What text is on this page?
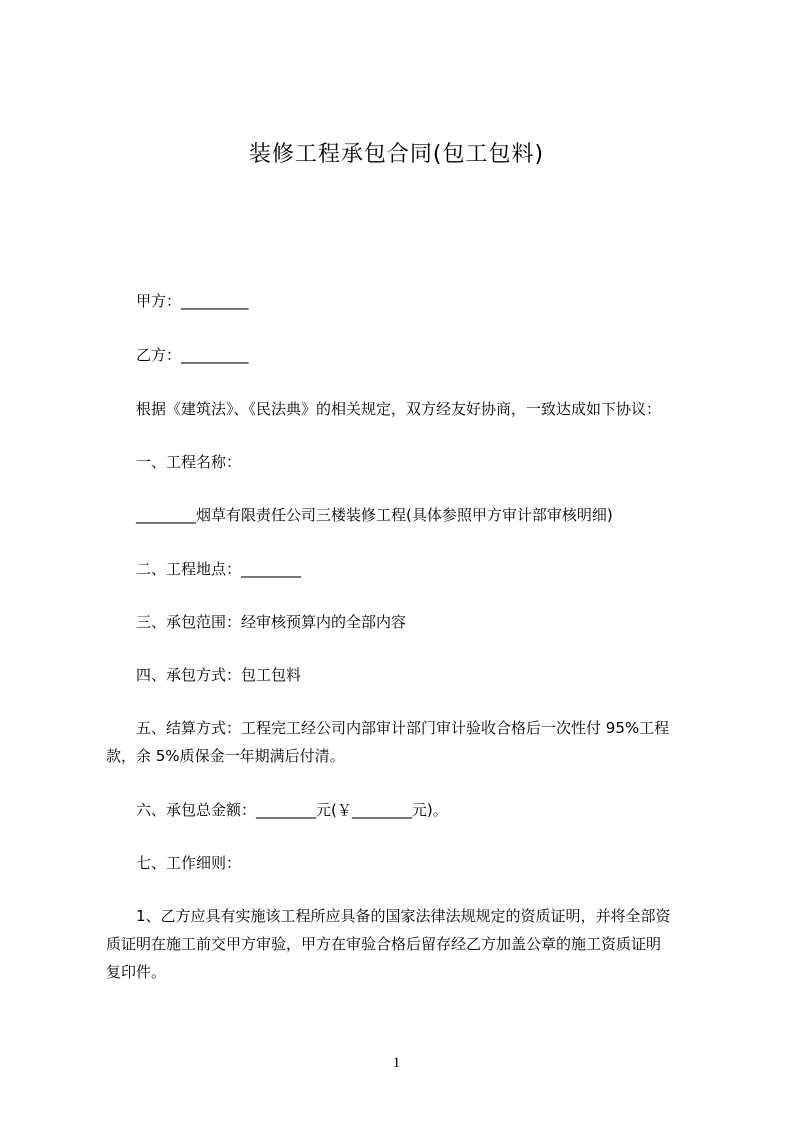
装修工程承包合同(包工包料)
甲方：_________
乙方：_________
根据《建筑法》、《民法典》的相关规定，双方经友好协商，一致达成如下协议：
一、工程名称：
________烟草有限责任公司三楼装修工程(具体参照甲方审计部审核明细)
二、工程地点：________
三、承包范围：经审核预算内的全部内容
四、承包方式：包工包料
五、结算方式：工程完工经公司内部审计部门审计验收合格后一次性付 95%工程
款，余 5%质保金一年期满后付清。
六、承包总金额：________元(￥________元)。
七、工作细则：
1、乙方应具有实施该工程所应具备的国家法律法规规定的资质证明，并将全部资
质证明在施工前交甲方审验，甲方在审验合格后留存经乙方加盖公章的施工资质证明
复印件。
1
